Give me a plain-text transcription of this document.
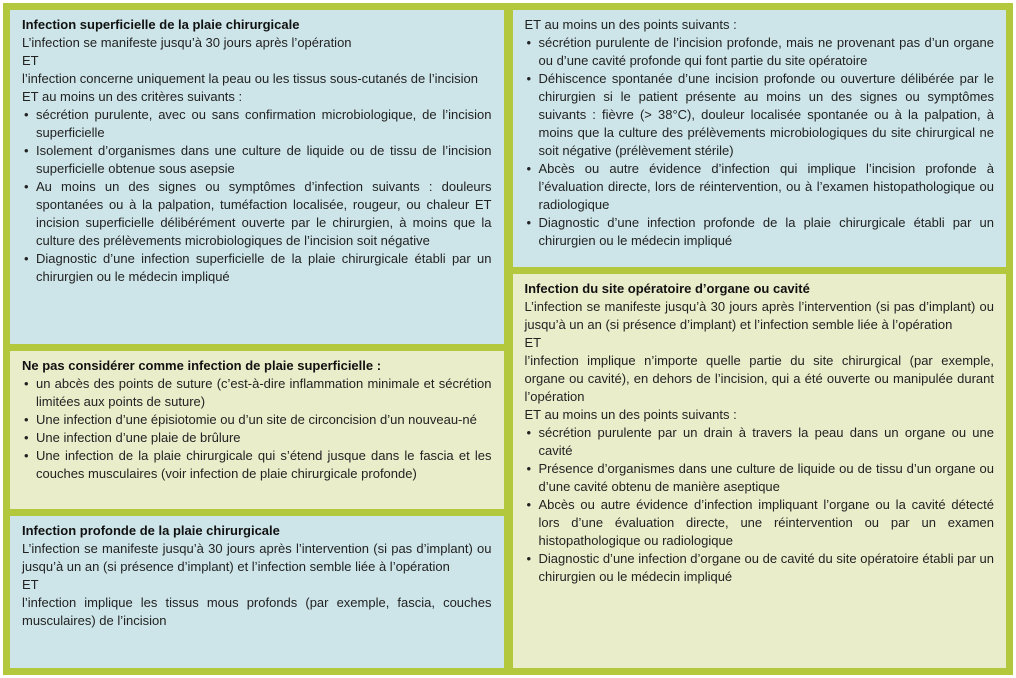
Infection superficielle de la plaie chirurgicale
L’infection se manifeste jusqu’à 30 jours après l’opération
ET
l’infection concerne uniquement la peau ou les tissus sous-cutanés de l’incision
ET au moins un des critères suivants :
• sécrétion purulente, avec ou sans confirmation microbiologique, de l’incision superficielle
• Isolement d’organismes dans une culture de liquide ou de tissu de l’incision superficielle obtenue sous asepsie
• Au moins un des signes ou symptômes d’infection suivants : douleurs spontanées ou à la palpation, tuméfaction localisée, rougeur, ou chaleur ET incision superficielle délibérément ouverte par le chirurgien, à moins que la culture des prélèvements microbiologiques de l’incision soit négative
• Diagnostic d’une infection superficielle de la plaie chirurgicale établi par un chirurgien ou le médecin impliqué
Ne pas considérer comme infection de plaie superficielle :
• un abcès des points de suture (c’est-à-dire inflammation minimale et sécrétion limitées aux points de suture)
• Une infection d’une épisiotomie ou d’un site de circoncision d’un nouveau-né
• Une infection d’une plaie de brûlure
• Une infection de la plaie chirurgicale qui s’étend jusque dans le fascia et les couches musculaires (voir infection de plaie chirurgicale profonde)
Infection profonde de la plaie chirurgicale
L’infection se manifeste jusqu’à 30 jours après l’intervention (si pas d’implant) ou jusqu’à un an (si présence d’implant) et l’infection semble liée à l’opération
ET
l’infection implique les tissus mous profonds (par exemple, fascia, couches musculaires) de l’incision
ET au moins un des points suivants :
• sécrétion purulente de l’incision profonde, mais ne provenant pas d’un organe ou d’une cavité profonde qui font partie du site opératoire
• Déhiscence spontanée d’une incision profonde ou ouverture délibérée par le chirurgien si le patient présente au moins un des signes ou symptômes suivants : fièvre (> 38°C), douleur localisée spontanée ou à la palpation, à moins que la culture des prélèvements microbiologiques du site chirurgical ne soit négative (prélèvement stérile)
• Abcès ou autre évidence d’infection qui implique l’incision profonde à l’évaluation directe, lors de réintervention, ou à l’examen histopathologique ou radiologique
• Diagnostic d’une infection profonde de la plaie chirurgicale établi par un chirurgien ou le médecin impliqué
Infection du site opératoire d’organe ou cavité
L’infection se manifeste jusqu’à 30 jours après l’intervention (si pas d’implant) ou jusqu’à un an (si présence d’implant) et l’infection semble liée à l’opération
ET
l’infection implique n’importe quelle partie du site chirurgical (par exemple, organe ou cavité), en dehors de l’incision, qui a été ouverte ou manipulée durant l’opération
ET au moins un des points suivants :
• sécrétion purulente par un drain à travers la peau dans un organe ou une cavité
• Présence d’organismes dans une culture de liquide ou de tissu d’un organe ou d’une cavité obtenu de manière aseptique
• Abcès ou autre évidence d’infection impliquant l’organe ou la cavité détecté lors d’une évaluation directe, une réintervention ou par un examen histopathologique ou radiologique
• Diagnostic d’une infection d’organe ou de cavité du site opératoire établi par un chirurgien ou le médecin impliqué
